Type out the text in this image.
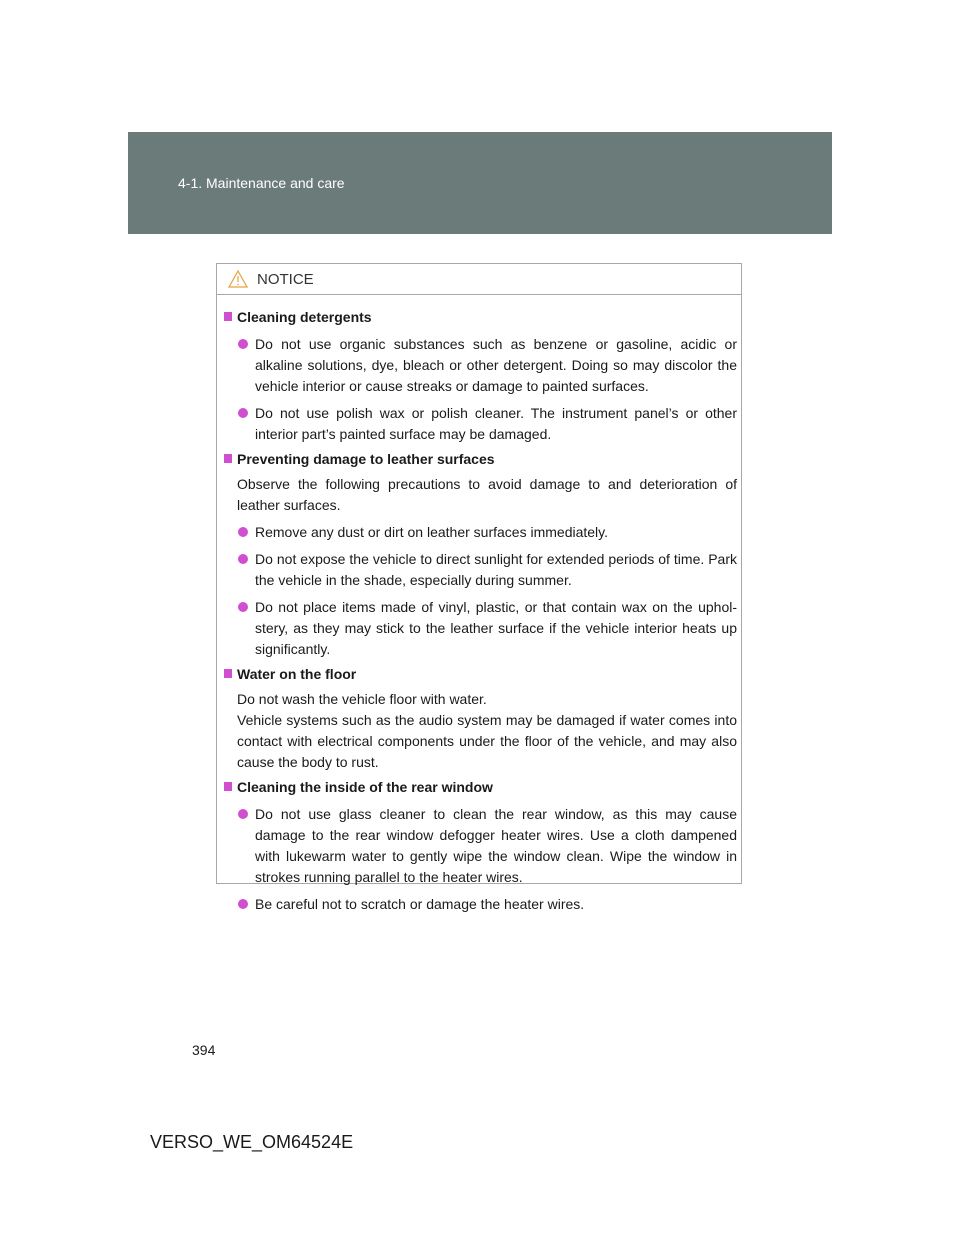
4-1. Maintenance and care
NOTICE
Cleaning detergents
Do not use organic substances such as benzene or gasoline, acidic or alkaline solutions, dye, bleach or other detergent. Doing so may discolor the vehicle interior or cause streaks or damage to painted surfaces.
Do not use polish wax or polish cleaner. The instrument panel’s or other interior part’s painted surface may be damaged.
Preventing damage to leather surfaces
Observe the following precautions to avoid damage to and deterioration of leather surfaces.
Remove any dust or dirt on leather surfaces immediately.
Do not expose the vehicle to direct sunlight for extended periods of time. Park the vehicle in the shade, especially during summer.
Do not place items made of vinyl, plastic, or that contain wax on the uphol-stery, as they may stick to the leather surface if the vehicle interior heats up significantly.
Water on the floor
Do not wash the vehicle floor with water.
Vehicle systems such as the audio system may be damaged if water comes into contact with electrical components under the floor of the vehicle, and may also cause the body to rust.
Cleaning the inside of the rear window
Do not use glass cleaner to clean the rear window, as this may cause damage to the rear window defogger heater wires. Use a cloth dampened with lukewarm water to gently wipe the window clean. Wipe the window in strokes running parallel to the heater wires.
Be careful not to scratch or damage the heater wires.
394
VERSO_WE_OM64524E
